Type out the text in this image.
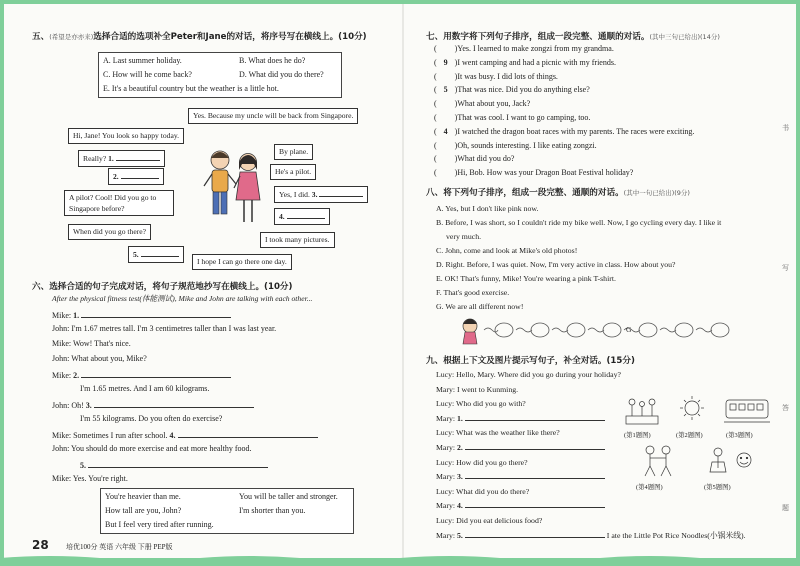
五、(希望是亦亦来)选择合适的选项补全Peter和Jane的对话，将序号写在横线上。(10分)
A. Last summer holiday.	B. What does he do?
C. How will he come back?	D. What did you do there?
E. It's a beautiful country but the weather is a little hot.
Yes. Because my uncle will be back from Singapore.
Hi, Jane! You look so happy today.
Really? 1.
By plane.
2.
He's a pilot.
A pilot? Cool! Did you go to Singapore before?
Yes, I did. 3.
4.
When did you go there?
I took many pictures.
5.
I hope I can go there one day.
六、选择合适的句子完成对话，将句子规范地抄写在横线上。(10分)
After the physical fitness test(体能测试), Mike and John are talking with each other...
Mike: 1.
John: I'm 1.67 metres tall. I'm 3 centimetres taller than I was last year.
Mike: Wow! That's nice.
John: What about you, Mike?
Mike: 2.
I'm 1.65 metres. And I am 60 kilograms.
John: Oh! 3.
I'm 55 kilograms. Do you often do exercise?
Mike: Sometimes I run after school. 4.
John: You should do more exercise and eat more healthy food.
5.
Mike: Yes. You're right.
You're heavier than me.	You will be taller and stronger.
How tall are you, John?	I'm shorter than you.
But I feel very tired after running.
28 培优100分 英语 六年级 下册 PEP版
七、用数字将下列句子排序，组成一段完整、通顺的对话。(其中三句已给出)(14分)
(  )Yes. I learned to make zongzi from my grandma.
( 9 )I went camping and had a picnic with my friends.
(  )It was busy. I did lots of things.
( 5 )That was nice. Did you do anything else?
(  )What about you, Jack?
(  )That was cool. I want to go camping, too.
( 4 )I watched the dragon boat races with my parents. The races were exciting.
(  )Oh, sounds interesting. I like eating zongzi.
(  )What did you do?
(  )Hi, Bob. How was your Dragon Boat Festival holiday?
八、将下列句子排序，组成一段完整、通顺的对话。(其中一句已给出)(9分)
A. Yes, but I don't like pink now.
B. Before, I was short, so I couldn't ride my bike well. Now, I go cycling every day. I like it
very much.
C. John, come and look at Mike's old photos!
D. Right. Before, I was quiet. Now, I'm very active in class. How about you?
E. OK! That's funny, Mike! You're wearing a pink T-shirt.
F. That's good exercise.
G. We are all different now!
G
九、根据上下文及图片提示写句子，补全对话。(15分)
Lucy: Hello, Mary. Where did you go during your holiday?
Mary: I went to Kunming.
Lucy: Who did you go with?
Mary: 1.
Lucy: What was the weather like there?
Mary: 2.
Lucy: How did you go there?
Mary: 3.
Lucy: What did you do there?
Mary: 4.
Lucy: Did you eat delicious food?
Mary: 5.	I ate the Little Pot Rice Noodles(小锅米线).
(第1题图)	(第2题图)	(第3题图)
(第4题图)	(第5题图)
书
写
答
题
